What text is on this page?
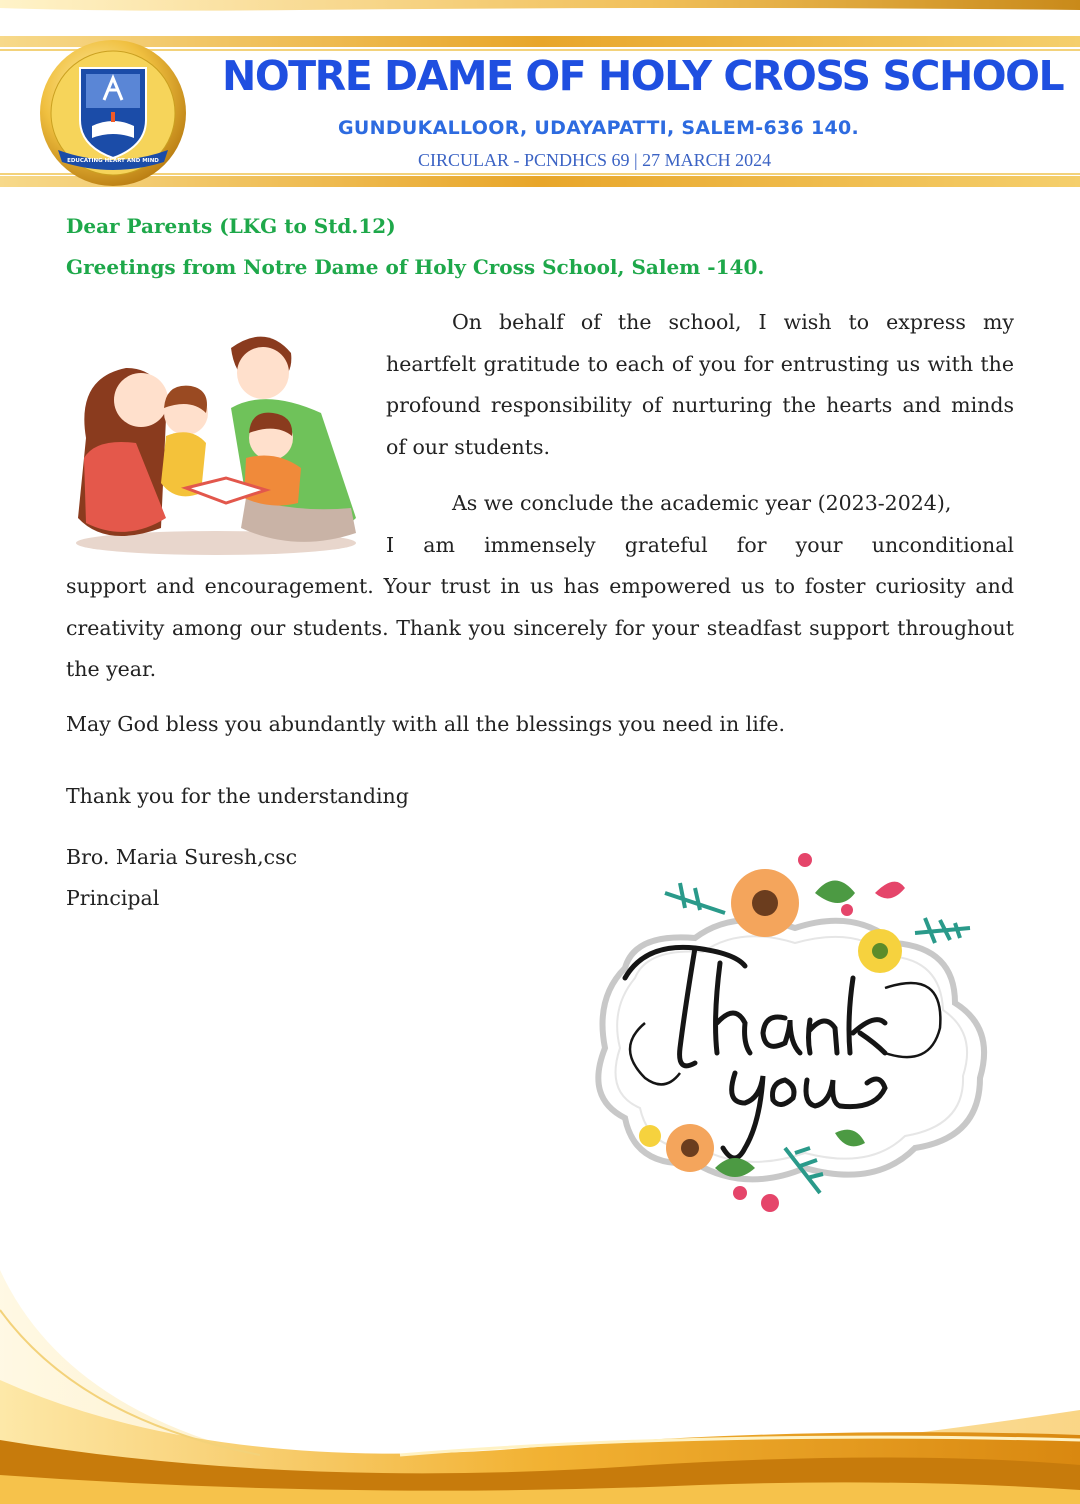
EDUCATING HEART AND MIND
NOTRE DAME OF HOLY CROSS SCHOOL
GUNDUKALLOOR, UDAYAPATTI, SALEM-636 140.
CIRCULAR - PCNDHCS 69 | 27 MARCH 2024
Dear Parents (LKG to Std.12)
Greetings from Notre Dame of Holy Cross School, Salem -140.
On behalf of the school, I wish to express my heartfelt gratitude to each of you for entrusting us with the profound responsibility of nurturing the hearts and minds of our students.
As we conclude the academic year (2023-2024),
I am immensely grateful for your unconditional
support and encouragement. Your trust in us has empowered us to foster curiosity and creativity among our students. Thank you sincerely for your steadfast support throughout the year.
May God bless you abundantly with all the blessings you need in life.
Thank you for the understanding
Bro. Maria Suresh,csc
Principal
